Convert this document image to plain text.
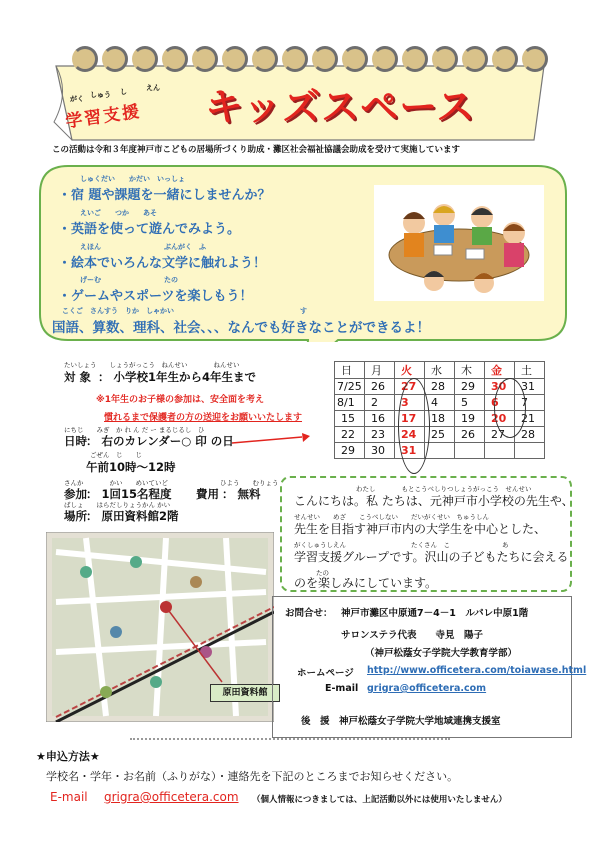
学習支援
がく しゅう し	えん キッズスペース
この活動は令和３年度神戸市こどもの居場所づくり助成・灘区社会福祉協議会助成を受けて実施しています
しゅくだい　　かだい　いっしょ
・宿 題や課題を一緒にしませんか？
えいご　　つか　　あそ
・英語を使って遊んでみよう。
えほん　　　　　　　　　ぶんがく　ふ
・絵本でいろんな文学に触れよう！
げーむ　　　　　　　　　たの
・ゲームやスポーツを楽しもう！
こくご　さんすう　りか　しゃかい　　　　　　　　　　　　　　　　　　す
国語、算数、理科、社会、、、なんでも好きなことができるよ！
たいしょう　　しょうがっこう　ねんせい　　　　ねんせい
対 象 ： 小学校1年生から4年生まで
※1年生のお子様の参加は、安全面を考え
慣れるまで保護者の方の送迎をお願いいたします
にちじ　　みぎ　か れ ん だ ー まるじるし　ひ
日時 ： 右のカレンダー○ 印 の日
ごぜん　じ　　じ
午前10時～12時
さんか　　　　かい　　めいていど　　　　　　　　ひよう　　むりょう
参加 ： 1回15名程度 費用 ： 無料
ばしょ　　はらだしりょうかん かい
場所 ： 原田資料館2階
日	月	火	水	木	金	土
7/25	26	27	28	29	30	31
8/1	2	3	4	5	6	7
15	16	17	18	19	20	21
22	23	24	25	26	27	28
29	30	31				
わたし　　　　もとこうべしりつしょうがっこう　せんせい
こんにちは。私 たちは、元神戸市小学校の先生や、
せんせい　　めざ　　こうべしない　　だいがくせい　ちゅうしん
先生を目指す神戸市内の大学生を中心とした、
がくしゅうしえん　　　　　　　　　　たくさん　こ　　　　　　　　あ
学習支援グループです。沢山の子どもたちに会える
たの
のを楽しみにしています。
原田資料館
お問合せ： 神戸市灘区中原通7－4－1　ルパレ中原1階
サロンステラ代表　　寺見　陽子
（神戸松蔭女子学院大学教育学部）
ホームページ http://www.officetera.com/toiawase.html
E-mail grigra@officetera.com
後　援　神戸松蔭女子学院大学地域連携支援室
★申込方法★
学校名・学年・お名前（ふりがな）・連絡先を下記のところまでお知らせください。
E-mail grigra@officetera.com （個人情報につきましては、上記活動以外には使用いたしません）
